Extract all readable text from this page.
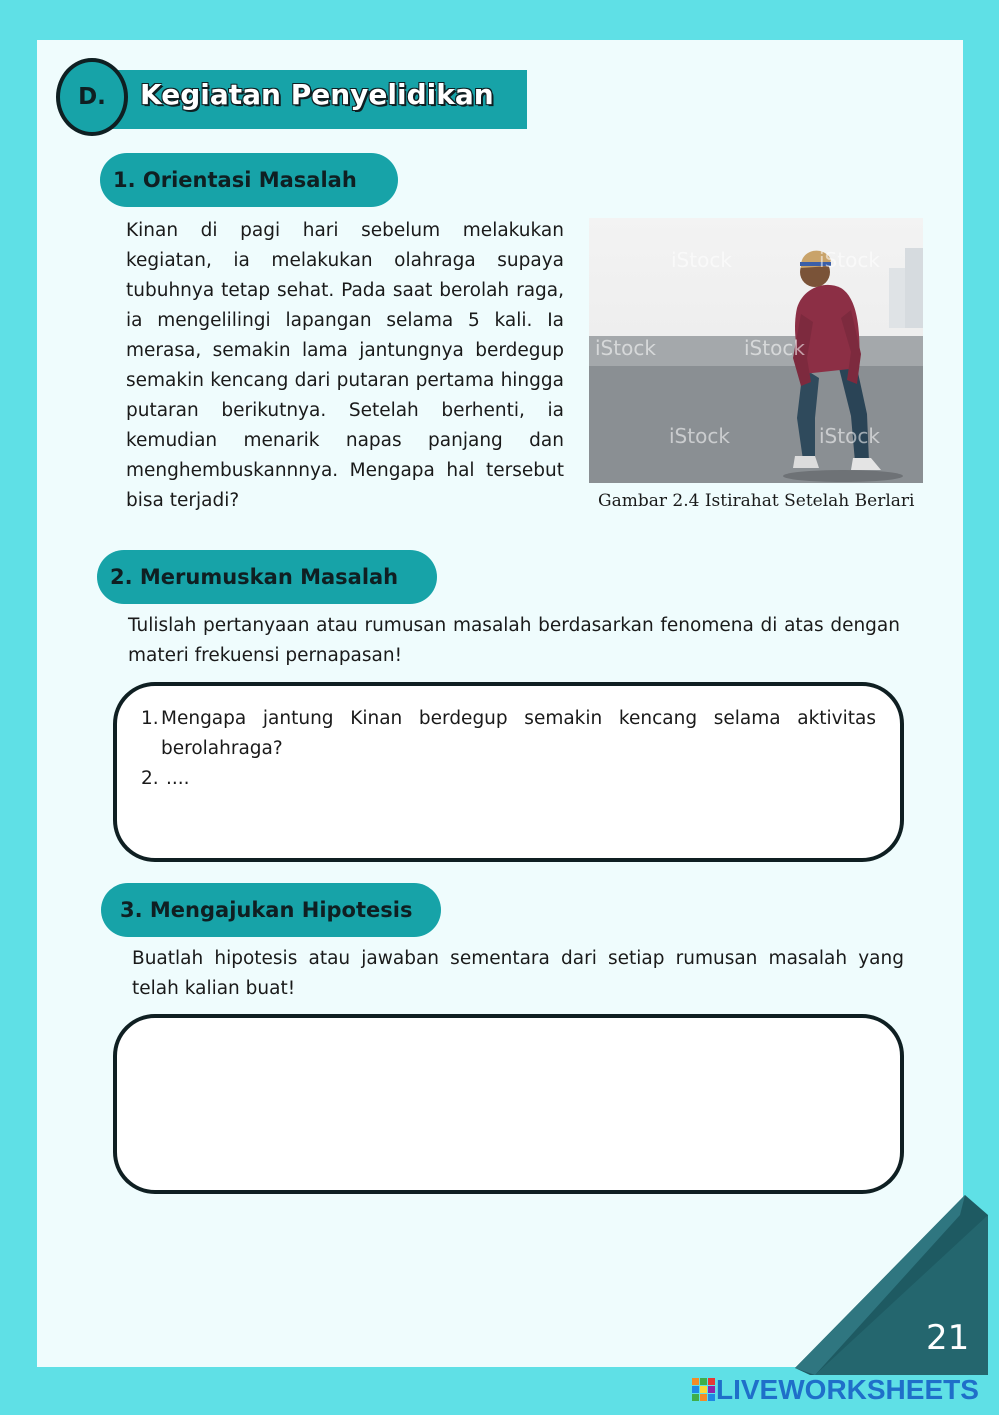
D. Kegiatan Penyelidikan
1. Orientasi Masalah

Kinan di pagi hari sebelum melakukan kegiatan, ia melakukan olahraga supaya tubuhnya tetap sehat. Pada saat berolah raga, ia mengelilingi lapangan selama 5 kali. Ia merasa, semakin lama jantungnya berdegup semakin kencang dari putaran pertama hingga putaran berikutnya. Setelah berhenti, ia kemudian menarik napas panjang dan menghembuskannnya. Mengapa hal tersebut bisa terjadi?

iStock	iStock
iStock	iStock
iStock	iStock
Gambar 2.4 Istirahat Setelah Berlari
2. Merumuskan Masalah

Tulislah pertanyaan atau rumusan masalah berdasarkan fenomena di atas dengan materi frekuensi pernapasan!

1. Mengapa jantung Kinan berdegup semakin kencang selama aktivitas berolahraga?
2. ....
3. Mengajukan Hipotesis

Buatlah hipotesis atau jawaban sementara dari setiap rumusan masalah yang telah kalian buat!

21
LIVEWORKSHEETS
